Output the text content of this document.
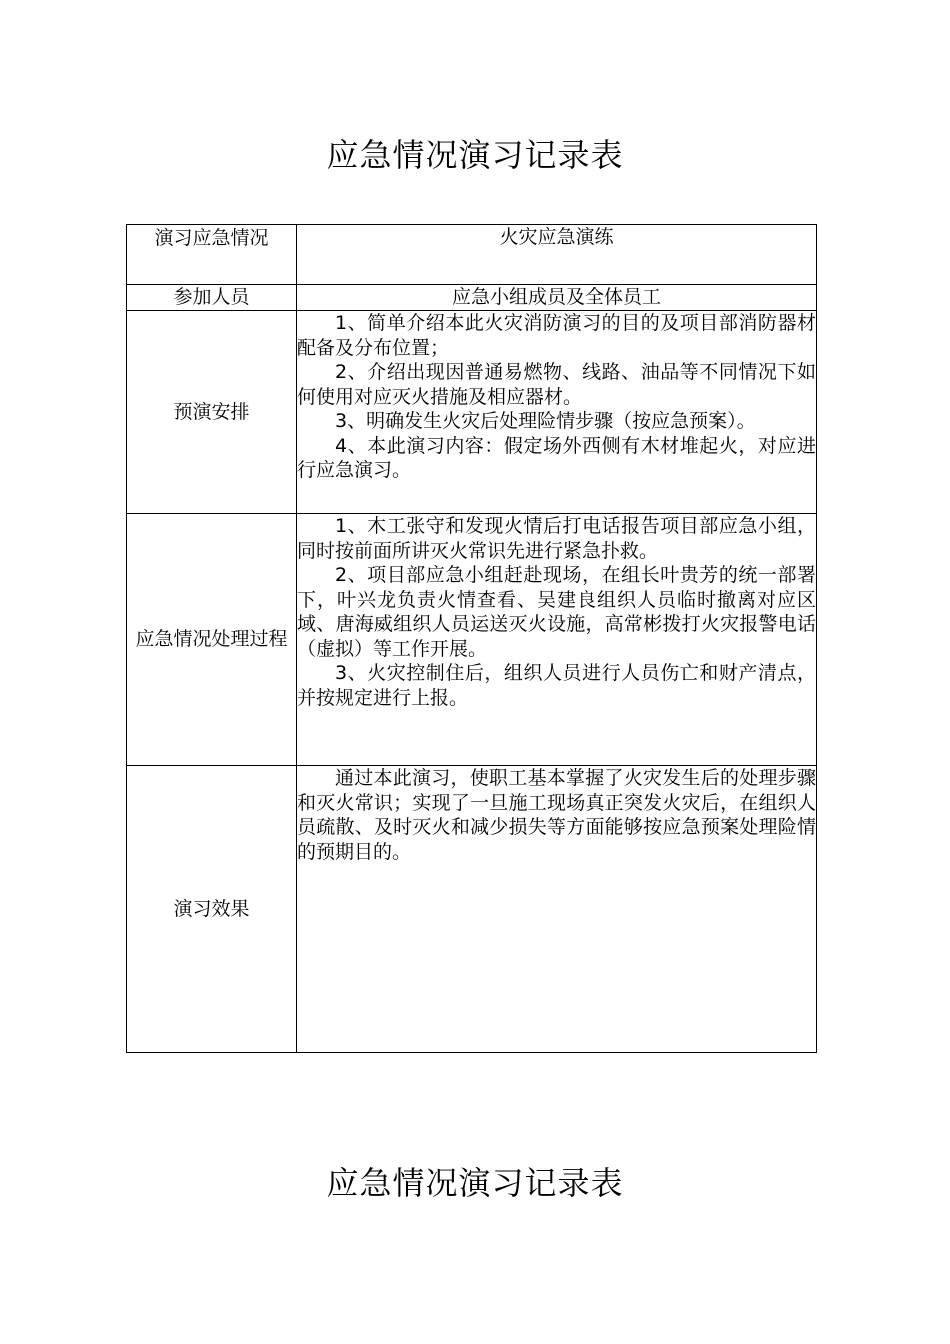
应急情况演习记录表
演习应急情况	火灾应急演练
参加人员	应急小组成员及全体员工
预演安排	1、简单介绍本此火灾消防演习的目的及项目部消防器材配备及分布位置；

2、介绍出现因普通易燃物、线路、油品等不同情况下如何使用对应灭火措施及相应器材。

3、明确发生火灾后处理险情步骤（按应急预案）。

4、本此演习内容：假定场外西侧有木材堆起火，对应进行应急演习。

应急情况处理过程	1、木工张守和发现火情后打电话报告项目部应急小组，同时按前面所讲灭火常识先进行紧急扑救。

2、项目部应急小组赶赴现场，在组长叶贵芳的统一部署下，叶兴龙负责火情查看、吴建良组织人员临时撤离对应区域、唐海威组织人员运送灭火设施，高常彬拨打火灾报警电话（虚拟）等工作开展。

3、火灾控制住后，组织人员进行人员伤亡和财产清点，并按规定进行上报。

演习效果	通过本此演习，使职工基本掌握了火灾发生后的处理步骤和灭火常识；实现了一旦施工现场真正突发火灾后，在组织人员疏散、及时灭火和减少损失等方面能够按应急预案处理险情的预期目的。

应急情况演习记录表
